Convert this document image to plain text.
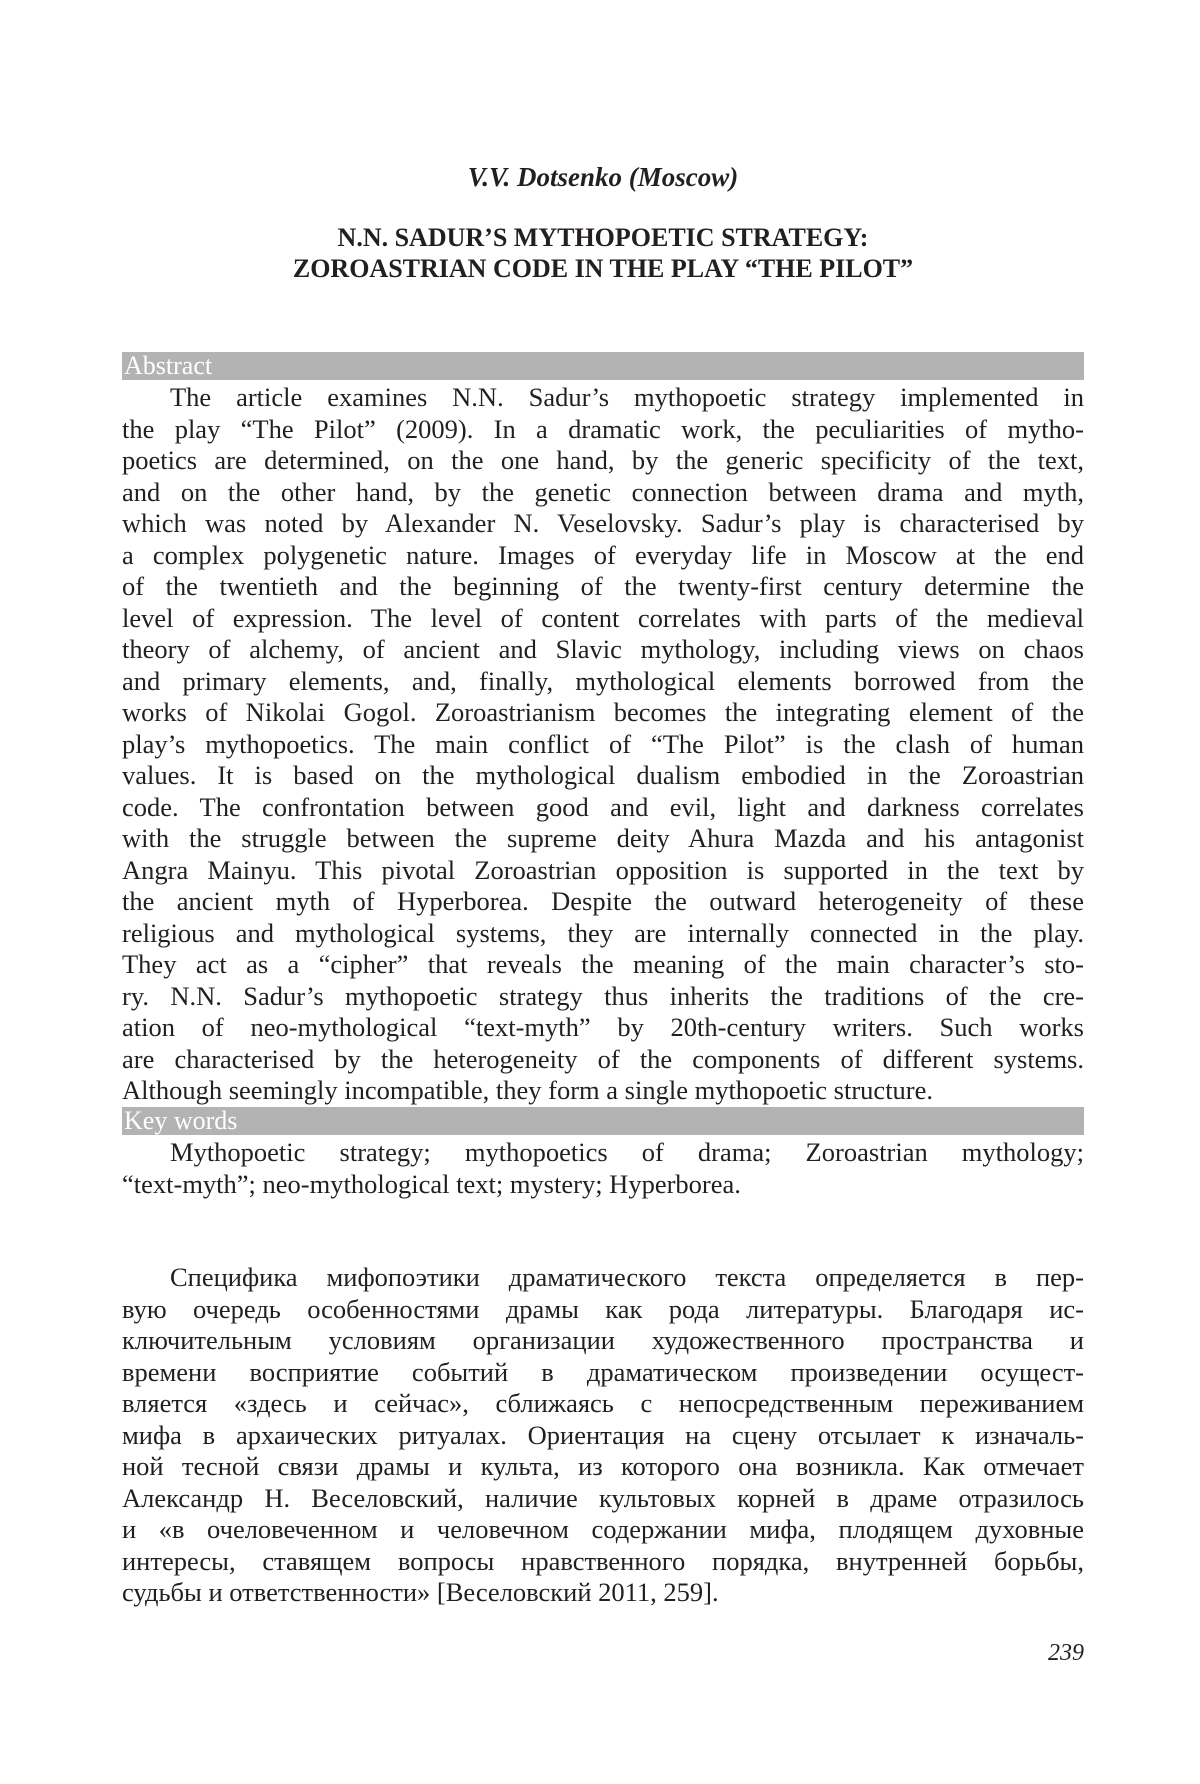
V.V. Dotsenko (Moscow)
N.N. SADUR’S MYTHOPOETIC STRATEGY:
ZOROASTRIAN CODE IN THE PLAY “THE PILOT”
Abstract
The article examines N.N. Sadur’s mythopoetic strategy implemented in
the play “The Pilot” (2009). In a dramatic work, the peculiarities of mytho-
poetics are determined, on the one hand, by the generic specificity of the text,
and on the other hand, by the genetic connection between drama and myth,
which was noted by Alexander N. Veselovsky. Sadur’s play is characterised by
a complex polygenetic nature. Images of everyday life in Moscow at the end
of the twentieth and the beginning of the twenty-first century determine the
level of expression. The level of content correlates with parts of the medieval
theory of alchemy, of ancient and Slavic mythology, including views on chaos
and primary elements, and, finally, mythological elements borrowed from the
works of Nikolai Gogol. Zoroastrianism becomes the integrating element of the
play’s mythopoetics. The main conflict of “The Pilot” is the clash of human
values. It is based on the mythological dualism embodied in the Zoroastrian
code. The confrontation between good and evil, light and darkness correlates
with the struggle between the supreme deity Ahura Mazda and his antagonist
Angra Mainyu. This pivotal Zoroastrian opposition is supported in the text by
the ancient myth of Hyperborea. Despite the outward heterogeneity of these
religious and mythological systems, they are internally connected in the play.
They act as a “cipher” that reveals the meaning of the main character’s sto-
ry. N.N. Sadur’s mythopoetic strategy thus inherits the traditions of the cre-
ation of neo-mythological “text-myth” by 20th-century writers. Such works
are characterised by the heterogeneity of the components of different systems.
Although seemingly incompatible, they form a single mythopoetic structure.
Key words
Mythopoetic strategy; mythopoetics of drama; Zoroastrian mythology;
“text-myth”; neo-mythological text; mystery; Hyperborea.
Специфика мифопоэтики драматического текста определяется в пер-
вую очередь особенностями драмы как рода литературы. Благодаря ис-
ключительным условиям организации художественного пространства и
времени восприятие событий в драматическом произведении осущест-
вляется «здесь и сейчас», сближаясь с непосредственным переживанием
мифа в архаических ритуалах. Ориентация на сцену отсылает к изначаль-
ной тесной связи драмы и культа, из которого она возникла. Как отмечает
Александр Н. Веселовский, наличие культовых корней в драме отразилось
и «в очеловеченном и человечном содержании мифа, плодящем духовные
интересы, ставящем вопросы нравственного порядка, внутренней борьбы,
судьбы и ответственности» [Веселовский 2011, 259].
239
